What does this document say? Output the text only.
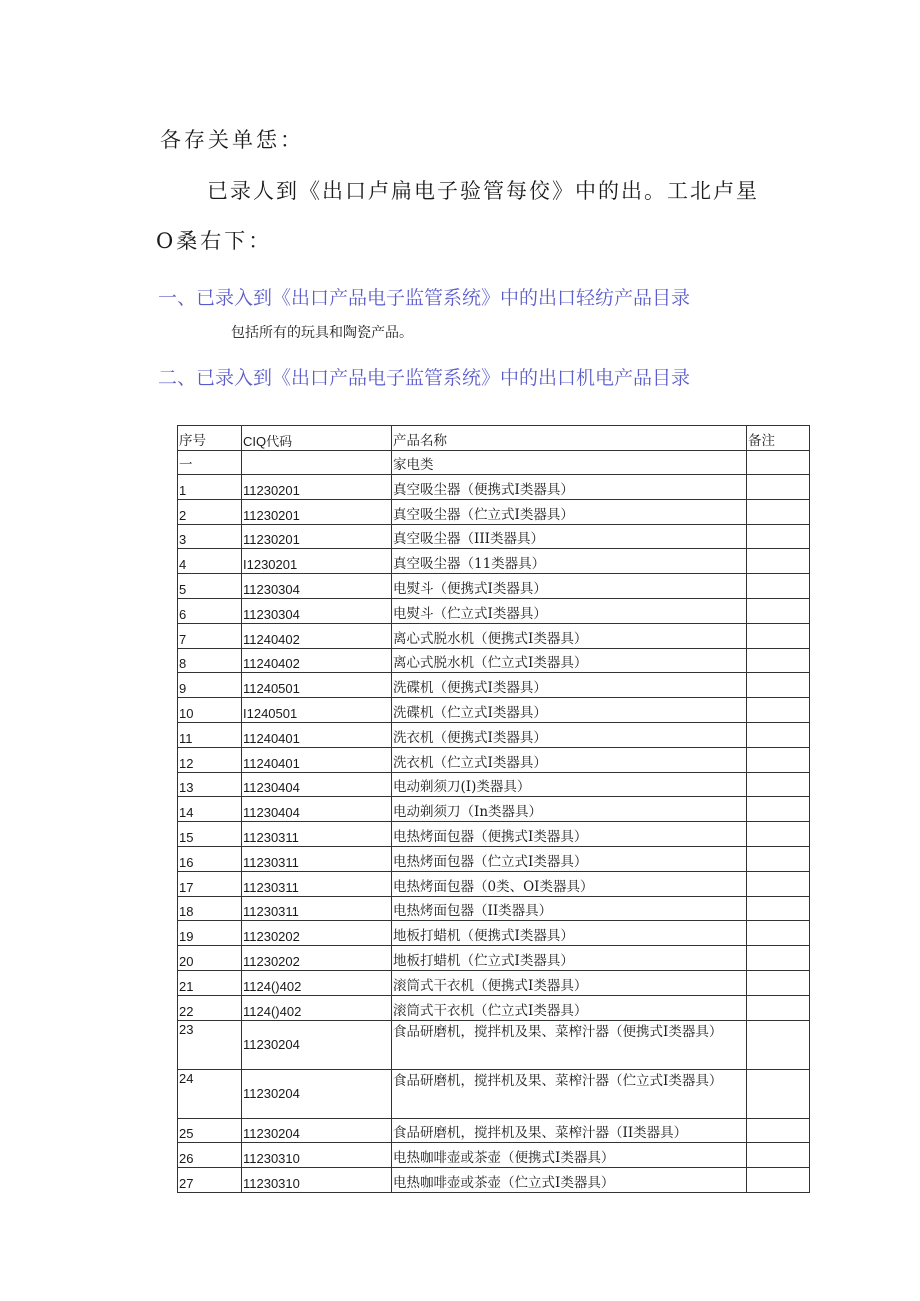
各存关单恁：
已录人到《出口卢扁电子验管每佼》中的出。工北卢星
O桑右下：
一、已录入到《出口产品电子监管系统》中的出口轻纺产品目录
包括所有的玩具和陶瓷产品。
二、已录入到《出口产品电子监管系统》中的出口机电产品目录
序号	CIQ代码	产品名称	备注
一		家电类	
1	11230201	真空吸尘器（便携式Ⅰ类器具）	
2	11230201	真空吸尘器（伫立式Ⅰ类器具）	
3	11230201	真空吸尘器（III类器具）	
4	I1230201	真空吸尘器（11类器具）	
5	11230304	电熨斗（便携式Ⅰ类器具）	
6	11230304	电熨斗（伫立式Ⅰ类器具）	
7	11240402	离心式脱水机（便携式Ⅰ类器具）	
8	11240402	离心式脱水机（伫立式Ⅰ类器具）	
9	11240501	洗碟机（便携式Ⅰ类器具）	
10	I1240501	洗碟机（伫立式Ⅰ类器具）	
11	11240401	洗衣机（便携式Ⅰ类器具）	
12	11240401	洗衣机（伫立式Ⅰ类器具）	
13	11230404	电动剃须刀(I)类器具）	
14	11230404	电动剃须刀（In类器具）	
15	11230311	电热烤面包器（便携式Ⅰ类器具）	
16	11230311	电热烤面包器（伫立式Ⅰ类器具）	
17	11230311	电热烤面包器（0类、OI类器具）	
18	11230311	电热烤面包器（II类器具）	
19	11230202	地板打蜡机（便携式Ⅰ类器具）	
20	11230202	地板打蜡机（伫立式Ⅰ类器具）	
21	1124()402	滚筒式干衣机（便携式Ⅰ类器具）	
22	1124()402	滚筒式干衣机（伫立式Ⅰ类器具）	
23	11230204	食品研磨机，搅拌机及果、菜榨汁器（便携式Ⅰ类器具）	
24	11230204	食品研磨机，搅拌机及果、菜榨汁器（伫立式Ⅰ类器具）	
25	11230204	食品研磨机，搅拌机及果、菜榨汁器（II类器具）	
26	11230310	电热咖啡壶或茶壶（便携式Ⅰ类器具）	
27	11230310	电热咖啡壶或茶壶（伫立式Ⅰ类器具）	
